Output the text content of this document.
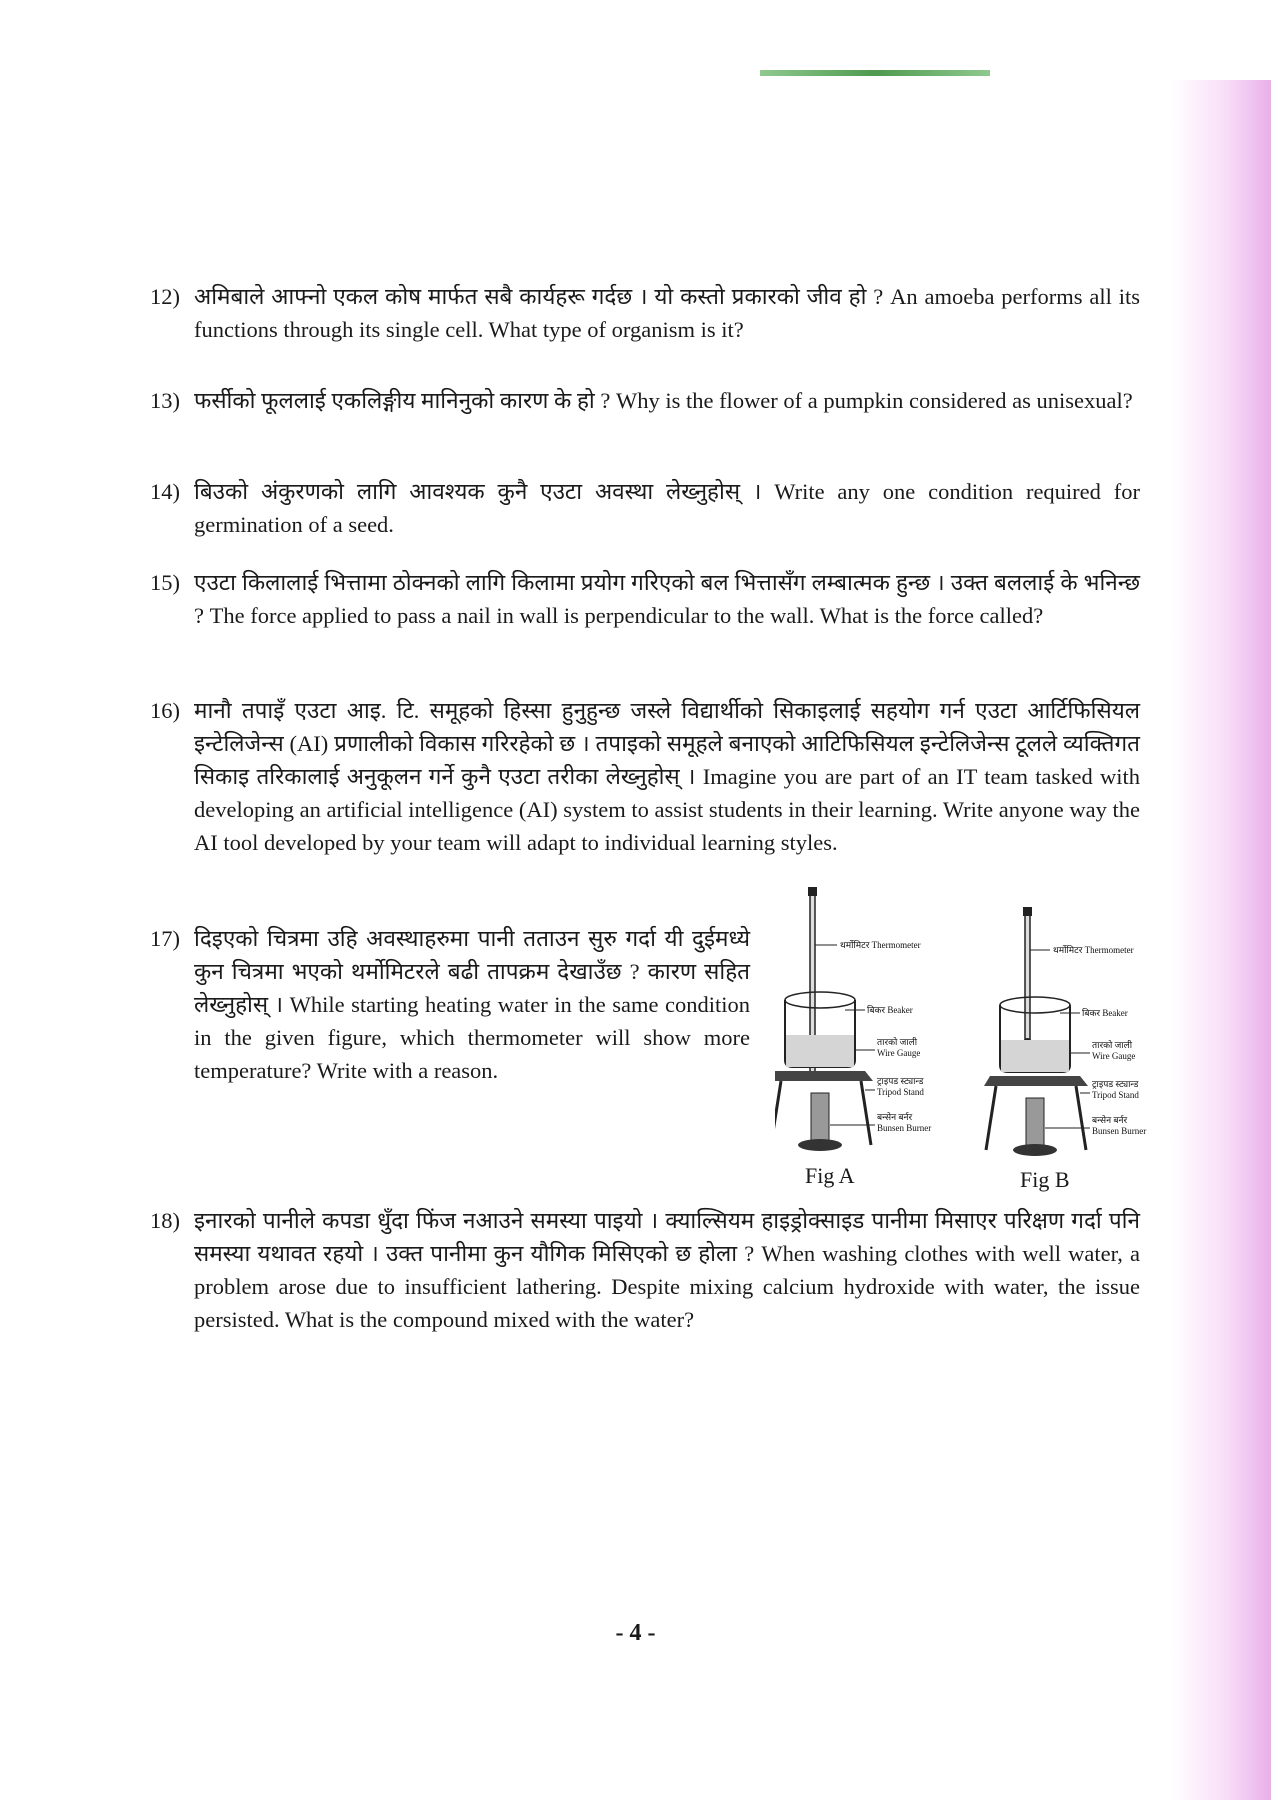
12) अमिबाले आफ्नो एकल कोष मार्फत सबै कार्यहरू गर्दछ । यो कस्तो प्रकारको जीव हो ? An amoeba performs all its functions through its single cell. What type of organism is it?
13) फर्सीको फूललाई एकलिङ्गीय मानिनुको कारण के हो ? Why is the flower of a pumpkin considered as unisexual?
14) बिउको अंकुरणको लागि आवश्यक कुनै एउटा अवस्था लेख्नुहोस् । Write any one condition required for germination of a seed.
15) एउटा किलालाई भित्तामा ठोक्नको लागि किलामा प्रयोग गरिएको बल भित्तासँग लम्बात्मक हुन्छ । उक्त बललाई के भनिन्छ ? The force applied to pass a nail in wall is perpendicular to the wall. What is the force called?
16) मानौ तपाइँ एउटा आइ. टि. समूहको हिस्सा हुनुहुन्छ जस्ले विद्यार्थीको सिकाइलाई सहयोग गर्न एउटा आर्टिफिसियल इन्टेलिजेन्स (AI) प्रणालीको विकास गरिरहेको छ । तपाइको समूहले बनाएको आटिफिसियल इन्टेलिजेन्स टूलले व्यक्तिगत सिकाइ तरिकालाई अनुकूलन गर्ने कुनै एउटा तरीका लेख्नुहोस् । Imagine you are part of an IT team tasked with developing an artificial intelligence (AI) system to assist students in their learning. Write anyone way the AI tool developed by your team will adapt to individual learning styles.
17) दिइएको चित्रमा उहि अवस्थाहरुमा पानी तताउन सुरु गर्दा यी दुईमध्ये कुन चित्रमा भएको थर्मोमिटरले बढी तापक्रम देखाउँछ ? कारण सहित लेख्नुहोस् । While starting heating water in the same condition in the given figure, which thermometer will show more temperature? Write with a reason.
थर्मोमिटर Thermometer
बिकर Beaker
तारको जाली
Wire Gauge
ट्राइपड स्ट्यान्ड
Tripod Stand
बन्सेन बर्नर
Bunsen Burner
थर्मोमिटर Thermometer
बिकर Beaker
तारको जाली
Wire Gauge
ट्राइपड स्ट्यान्ड
Tripod Stand
बन्सेन बर्नर
Bunsen Burner
Fig A	Fig B
18) इनारको पानीले कपडा धुँदा फिंज नआउने समस्या पाइयो । क्याल्सियम हाइड्रोक्साइड पानीमा मिसाएर परिक्षण गर्दा पनि समस्या यथावत रहयो । उक्त पानीमा कुन यौगिक मिसिएको छ होला ? When washing clothes with well water, a problem arose due to insufficient lathering. Despite mixing calcium hydroxide with water, the issue persisted. What is the compound mixed with the water?
- 4 -
